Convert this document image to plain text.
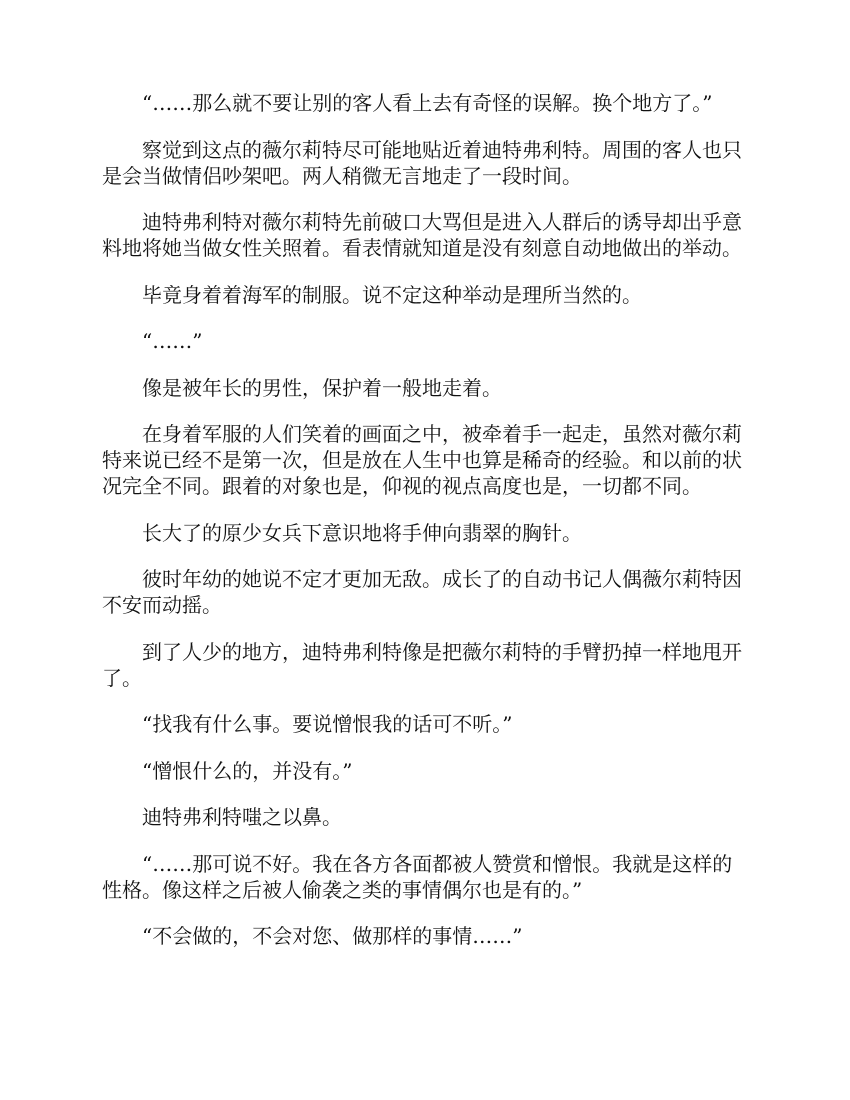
“……那么就不要让别的客人看上去有奇怪的误解。换个地方了。”

察觉到这点的薇尔莉特尽可能地贴近着迪特弗利特。周围的客人也只是会当做情侣吵架吧。两人稍微无言地走了一段时间。

迪特弗利特对薇尔莉特先前破口大骂但是进入人群后的诱导却出乎意料地将她当做女性关照着。看表情就知道是没有刻意自动地做出的举动。

毕竟身着着海军的制服。说不定这种举动是理所当然的。

“……”

像是被年长的男性，保护着一般地走着。

在身着军服的人们笑着的画面之中，被牵着手一起走，虽然对薇尔莉特来说已经不是第一次，但是放在人生中也算是稀奇的经验。和以前的状况完全不同。跟着的对象也是，仰视的视点高度也是，一切都不同。

长大了的原少女兵下意识地将手伸向翡翠的胸针。

彼时年幼的她说不定才更加无敌。成长了的自动书记人偶薇尔莉特因不安而动摇。

到了人少的地方，迪特弗利特像是把薇尔莉特的手臂扔掉一样地甩开了。

“找我有什么事。要说憎恨我的话可不听。”

“憎恨什么的，并没有。”

迪特弗利特嗤之以鼻。

“……那可说不好。我在各方各面都被人赞赏和憎恨。我就是这样的性格。像这样之后被人偷袭之类的事情偶尔也是有的。”

“不会做的，不会对您、做那样的事情……”
